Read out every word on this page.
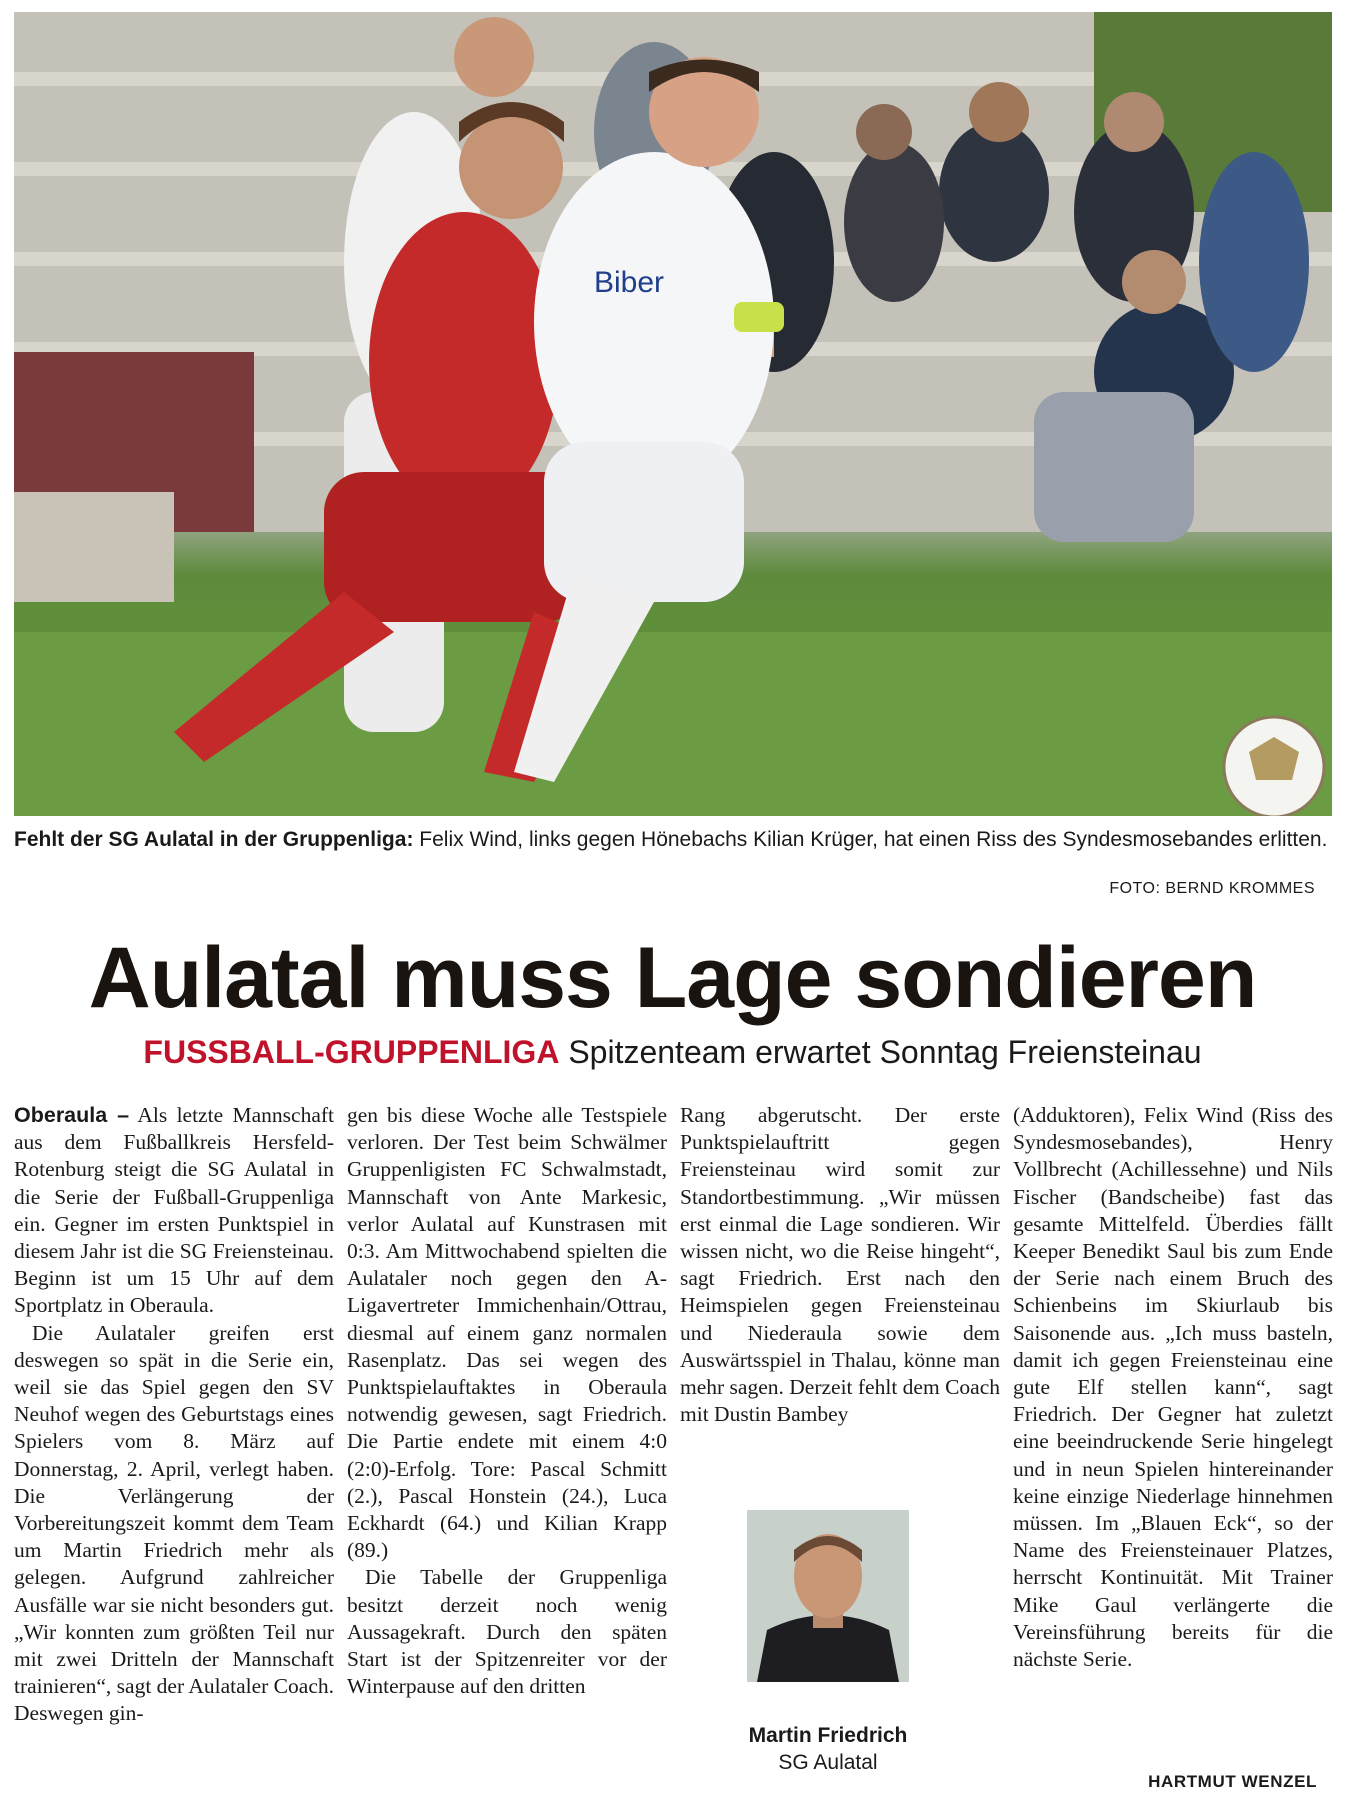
Biber
Fehlt der SG Aulatal in der Gruppenliga: Felix Wind, links gegen Hönebachs Kilian Krüger, hat einen Riss des Syndesmosebandes erlitten.
FOTO: BERND KROMMES
Aulatal muss Lage sondieren
FUSSBALL-GRUPPENLIGA Spitzenteam erwartet Sonntag Freiensteinau

Oberaula – Als letzte Mannschaft aus dem Fußballkreis Hersfeld-Rotenburg steigt die SG Aulatal in die Serie der Fußball-Gruppenliga ein. Gegner im ersten Punktspiel in diesem Jahr ist die SG Freiensteinau. Beginn ist um 15 Uhr auf dem Sportplatz in Oberaula.

Die Aulataler greifen erst deswegen so spät in die Serie ein, weil sie das Spiel gegen den SV Neuhof wegen des Geburtstags eines Spielers vom 8. März auf Donnerstag, 2. April, verlegt haben. Die Verlängerung der Vorbereitungszeit kommt dem Team um Martin Friedrich mehr als gelegen. Aufgrund zahlreicher Ausfälle war sie nicht besonders gut. „Wir konnten zum größten Teil nur mit zwei Dritteln der Mannschaft trainieren“, sagt der Aulataler Coach. Deswegen gin-

gen bis diese Woche alle Testspiele verloren. Der Test beim Schwälmer Gruppenligisten FC Schwalmstadt, Mannschaft von Ante Markesic, verlor Aulatal auf Kunstrasen mit 0:3. Am Mittwochabend spielten die Aulataler noch gegen den A-Ligavertreter Immichenhain/Ottrau, diesmal auf einem ganz normalen Rasenplatz. Das sei wegen des Punktspielauftaktes in Oberaula notwendig gewesen, sagt Friedrich. Die Partie endete mit einem 4:0 (2:0)-Erfolg. Tore: Pascal Schmitt (2.), Pascal Honstein (24.), Luca Eckhardt (64.) und Kilian Krapp (89.)

Die Tabelle der Gruppenliga besitzt derzeit noch wenig Aussagekraft. Durch den späten Start ist der Spitzenreiter vor der Winterpause auf den dritten

Rang abgerutscht. Der erste Punktspielauftritt gegen Freiensteinau wird somit zur Standortbestimmung. „Wir müssen erst einmal die Lage sondieren. Wir wissen nicht, wo die Reise hingeht“, sagt Friedrich. Erst nach den Heimspielen gegen Freiensteinau und Niederaula sowie dem Auswärtsspiel in Thalau, könne man mehr sagen. Derzeit fehlt dem Coach mit Dustin Bambey

(Adduktoren), Felix Wind (Riss des Syndesmosebandes), Henry Vollbrecht (Achillessehne) und Nils Fischer (Bandscheibe) fast das gesamte Mittelfeld. Überdies fällt Keeper Benedikt Saul bis zum Ende der Serie nach einem Bruch des Schienbeins im Skiurlaub bis Saisonende aus. „Ich muss basteln, damit ich gegen Freiensteinau eine gute Elf stellen kann“, sagt Friedrich. Der Gegner hat zuletzt eine beeindruckende Serie hingelegt und in neun Spielen hintereinander keine einzige Niederlage hinnehmen müssen. Im „Blauen Eck“, so der Name des Freiensteinauer Platzes, herrscht Kontinuität. Mit Trainer Mike Gaul verlängerte die Vereinsführung bereits für die nächste Serie.

Martin Friedrich
SG Aulatal
HARTMUT WENZEL
